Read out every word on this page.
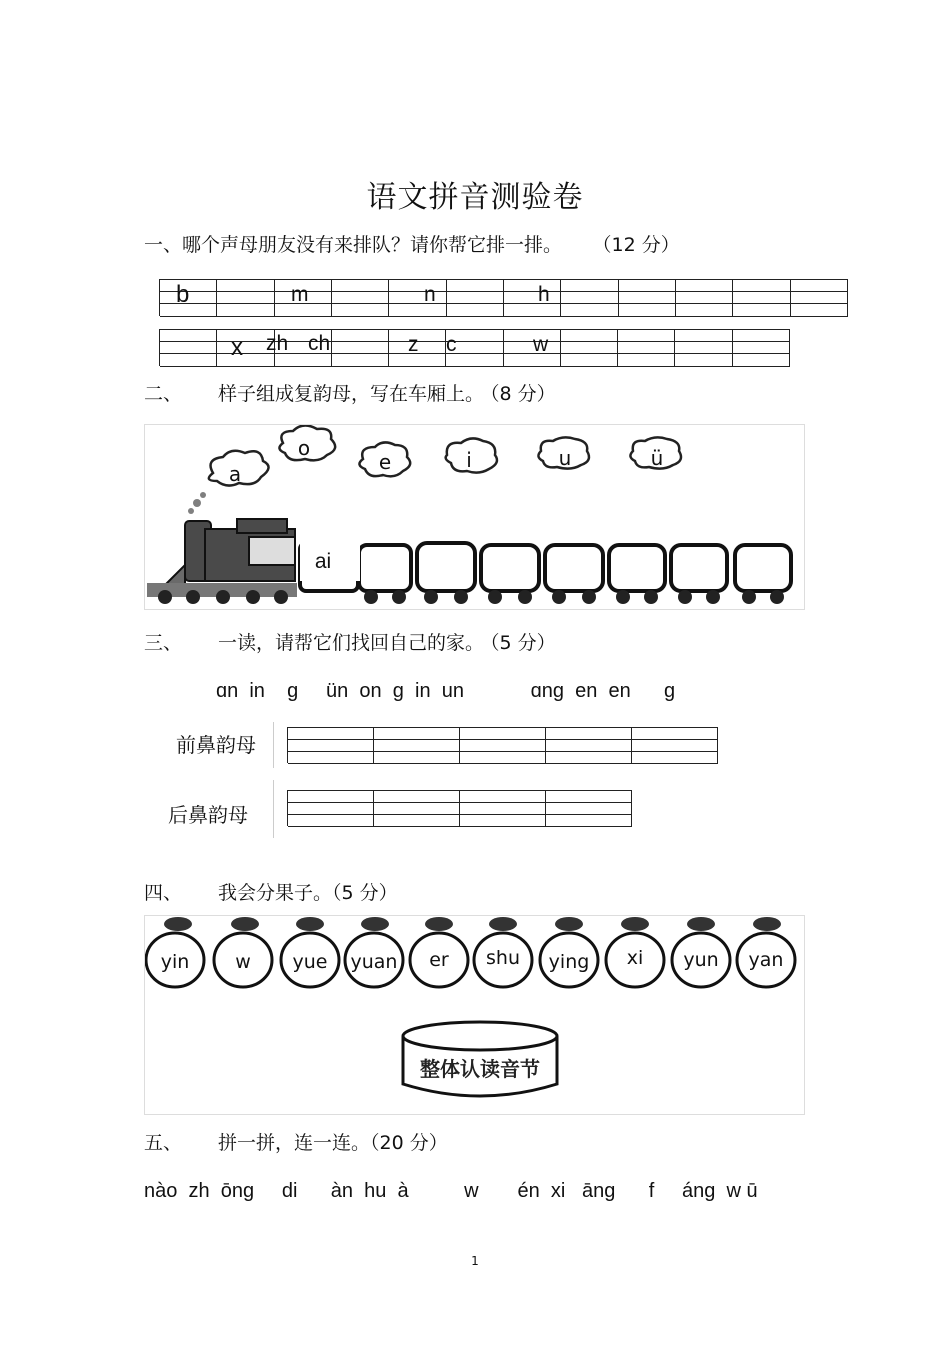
语文拼音测验卷
一、哪个声母朋友没有来排队？请你帮它排一排。 （12 分）
b	m	n	h
x zh ch	z c	w
二、 样子组成复韵母，写在车厢上。 （8 分）
a
o
e	i	u	ü
ai
三、 一读，请帮它们找回自己的家。 （5 分）
ɑn  in    g     ün  on  g  in  un            ɑng  en  en      g
前鼻韵母
后鼻韵母
四、 我会分果子。（5 分）
yin w yue yuan er shu ying xi yun yan
整体认读音节
五、 拼一拼，连一连。（20 分）
nào  zh  ōng     di      àn  hu  à          w       én  xi   āng      f     áng  w ū
1
